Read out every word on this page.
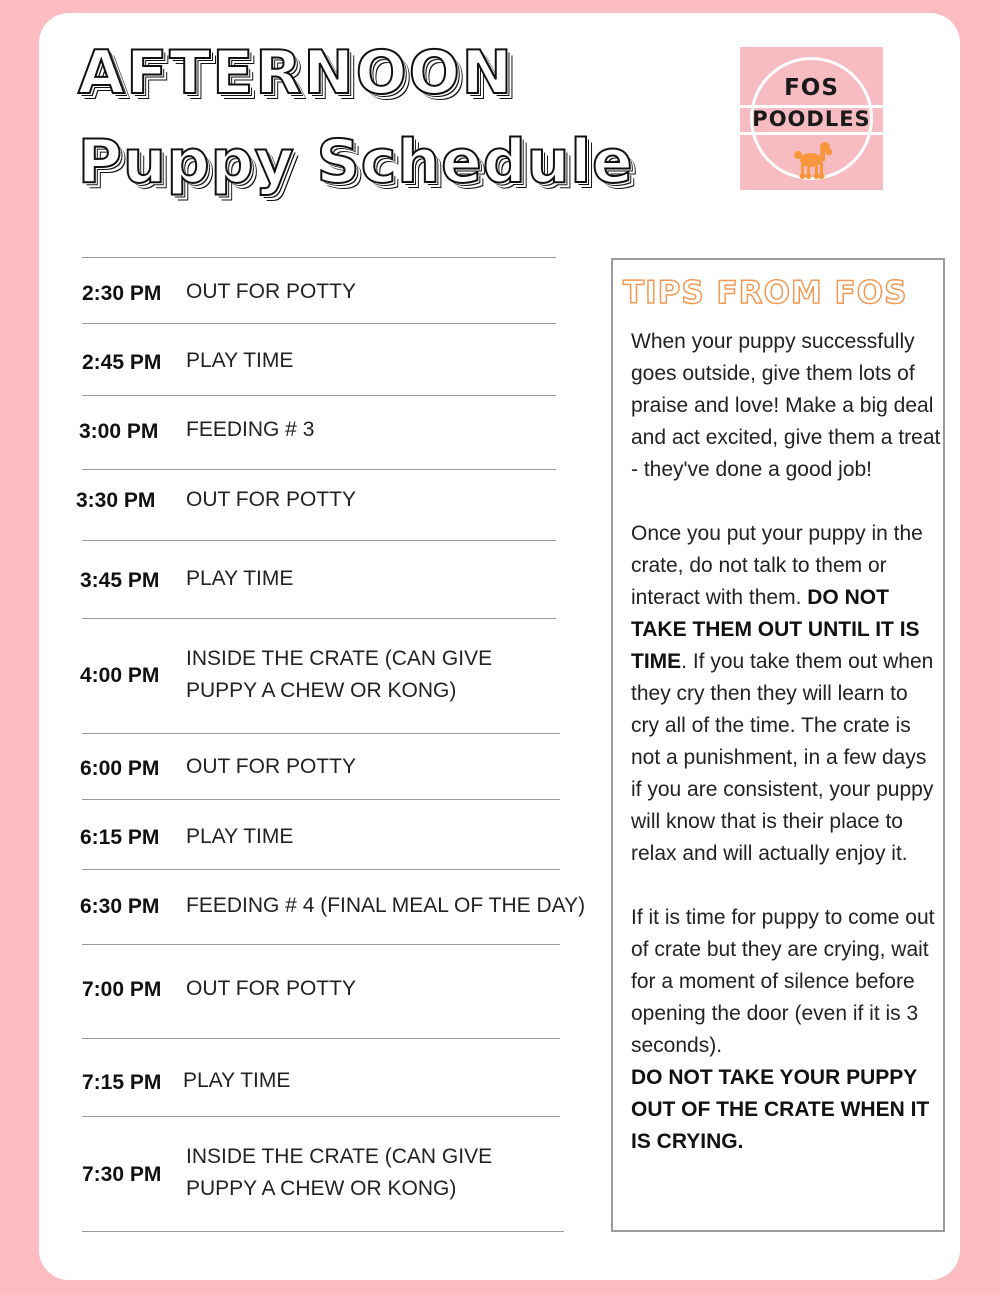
AFTERNOON
Puppy Schedule
FOS
POODLES
2:30 PM OUT FOR POTTY
2:45 PM PLAY TIME
3:00 PM FEEDING # 3
3:30 PM OUT FOR POTTY
3:45 PM PLAY TIME
4:00 PM
INSIDE THE CRATE (CAN GIVE
PUPPY A CHEW OR KONG)
6:00 PM OUT FOR POTTY
6:15 PM PLAY TIME
6:30 PM FEEDING # 4 (FINAL MEAL OF THE DAY)
7:00 PM OUT FOR POTTY
7:15 PM PLAY TIME
7:30 PM
INSIDE THE CRATE (CAN GIVE
PUPPY A CHEW OR KONG)
TIPS FROM FOS

When your puppy successfully goes outside, give them lots of praise and love! Make a big deal and act excited, give them a treat - they've done a good job!

Once you put your puppy in the crate, do not talk to them or interact with them. DO NOT TAKE THEM OUT UNTIL IT IS TIME. If you take them out when they cry then they will learn to cry all of the time. The crate is not a punishment, in a few days if you are consistent, your puppy will know that is their place to relax and will actually enjoy it.

If it is time for puppy to come out of crate but they are crying, wait for a moment of silence before opening the door (even if it is 3 seconds).

DO NOT TAKE YOUR PUPPY OUT OF THE CRATE WHEN IT IS CRYING.
